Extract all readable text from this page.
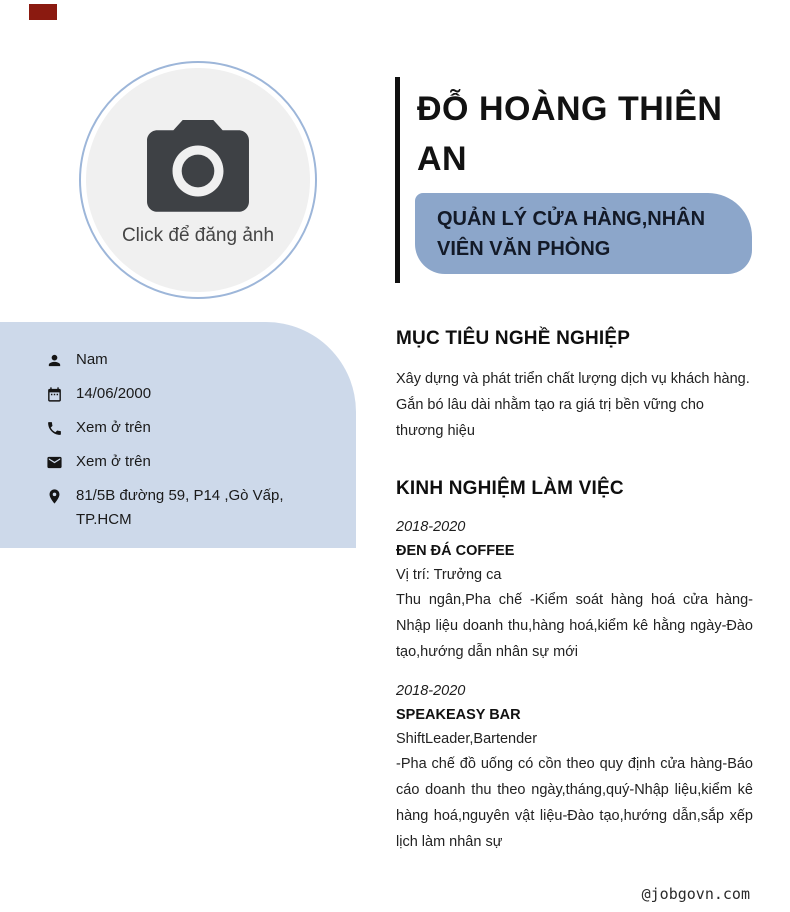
Click để đăng ảnh
ĐỖ HOÀNG THIÊN AN
QUẢN LÝ CỬA HÀNG,NHÂN VIÊN VĂN PHÒNG
Nam
14/06/2000
Xem ở trên
Xem ở trên
81/5B đường 59, P14 ,Gò Vấp, TP.HCM
MỤC TIÊU NGHỀ NGHIỆP

Xây dựng và phát triển chất lượng dịch vụ khách hàng. Gắn bó lâu dài nhằm tạo ra giá trị bền vững cho thương hiệu

KINH NGHIỆM LÀM VIỆC
2018-2020
ĐEN ĐÁ COFFEE
Vị trí: Trưởng ca

Thu ngân,Pha chế -Kiểm soát hàng hoá cửa hàng-Nhập liệu doanh thu,hàng hoá,kiểm kê hằng ngày-Đào tạo,hướng dẫn nhân sự mới

2018-2020
SPEAKEASY BAR
ShiftLeader,Bartender

-Pha chế đồ uống có cồn theo quy định cửa hàng-Báo cáo doanh thu theo ngày,tháng,quý-Nhập liệu,kiểm kê hàng hoá,nguyên vật liệu-Đào tạo,hướng dẫn,sắp xếp lịch làm nhân sự

@jobgovn.com
